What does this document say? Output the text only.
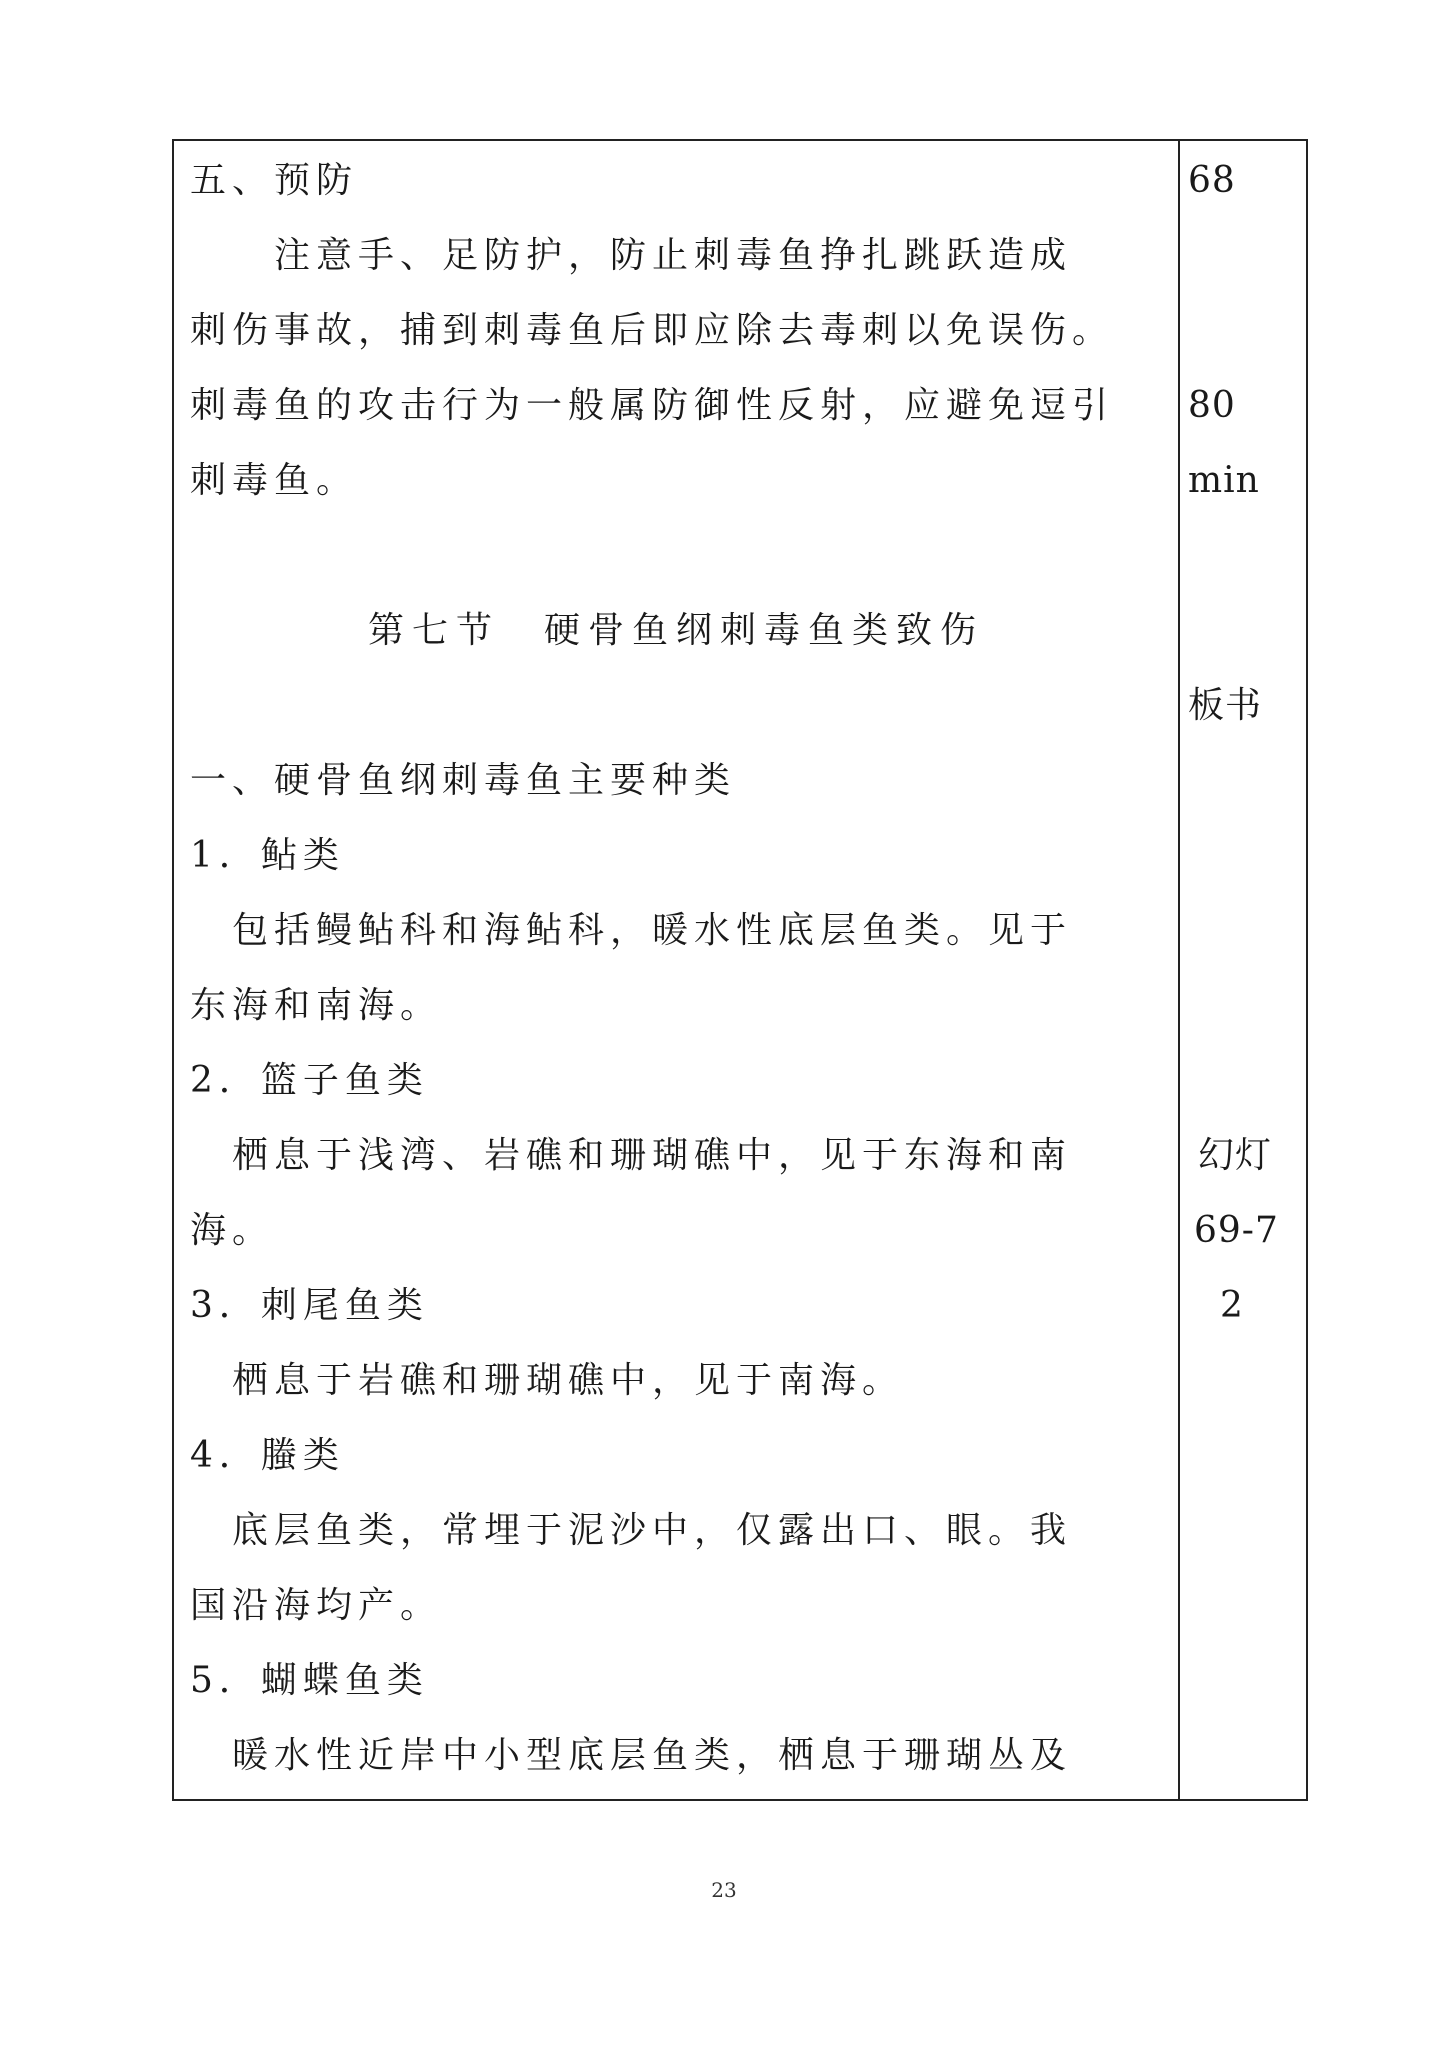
五、预防
　　注意手、足防护，防止刺毒鱼挣扎跳跃造成
刺伤事故，捕到刺毒鱼后即应除去毒刺以免误伤。
刺毒鱼的攻击行为一般属防御性反射，应避免逗引
刺毒鱼。
第七节　硬骨鱼纲刺毒鱼类致伤
一、硬骨鱼纲刺毒鱼主要种类
1．鲇类
　包括鳗鲇科和海鲇科，暖水性底层鱼类。见于
东海和南海。
2．篮子鱼类
　栖息于浅湾、岩礁和珊瑚礁中，见于东海和南
海。
3．刺尾鱼类
　栖息于岩礁和珊瑚礁中，见于南海。
4．螣类
　底层鱼类，常埋于泥沙中，仅露出口、眼。我
国沿海均产。
5．蝴蝶鱼类
　暖水性近岸中小型底层鱼类，栖息于珊瑚丛及
68
80
min
板书
幻灯
69-7
2
23
